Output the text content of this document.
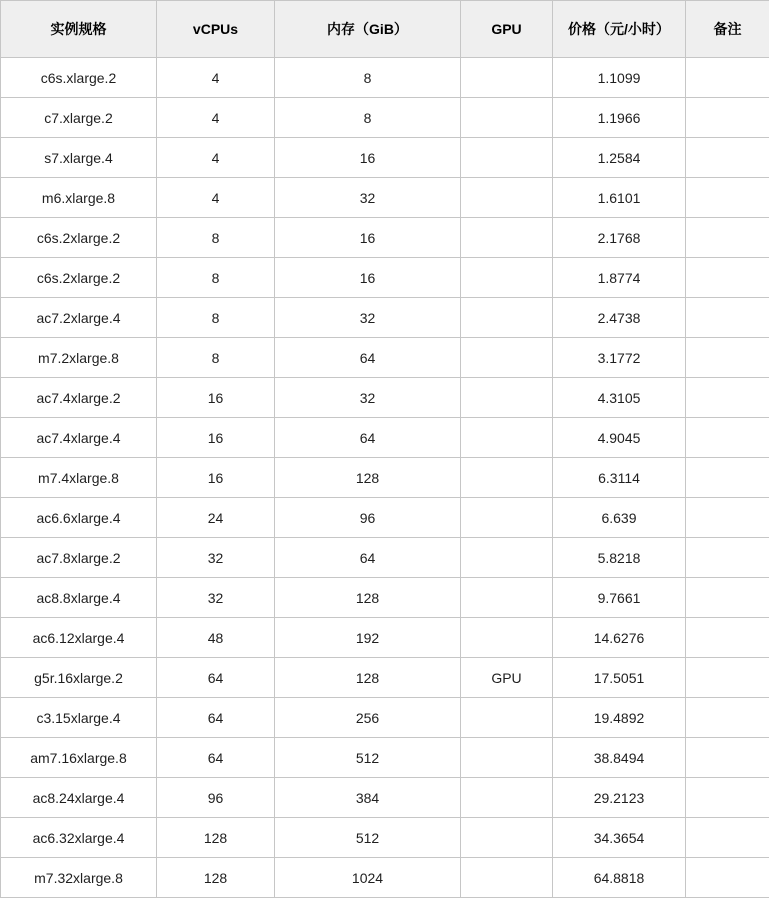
实例规格	vCPUs	内存（GiB）	GPU	价格（元/小时）	备注
c6s.xlarge.2	4	8		1.1099	
c7.xlarge.2	4	8		1.1966	
s7.xlarge.4	4	16		1.2584	
m6.xlarge.8	4	32		1.6101	
c6s.2xlarge.2	8	16		2.1768	
c6s.2xlarge.2	8	16		1.8774	
ac7.2xlarge.4	8	32		2.4738	
m7.2xlarge.8	8	64		3.1772	
ac7.4xlarge.2	16	32		4.3105	
ac7.4xlarge.4	16	64		4.9045	
m7.4xlarge.8	16	128		6.3114	
ac6.6xlarge.4	24	96		6.639	
ac7.8xlarge.2	32	64		5.8218	
ac8.8xlarge.4	32	128		9.7661	
ac6.12xlarge.4	48	192		14.6276	
g5r.16xlarge.2	64	128	GPU	17.5051	
c3.15xlarge.4	64	256		19.4892	
am7.16xlarge.8	64	512		38.8494	
ac8.24xlarge.4	96	384		29.2123	
ac6.32xlarge.4	128	512		34.3654	
m7.32xlarge.8	128	1024		64.8818	
